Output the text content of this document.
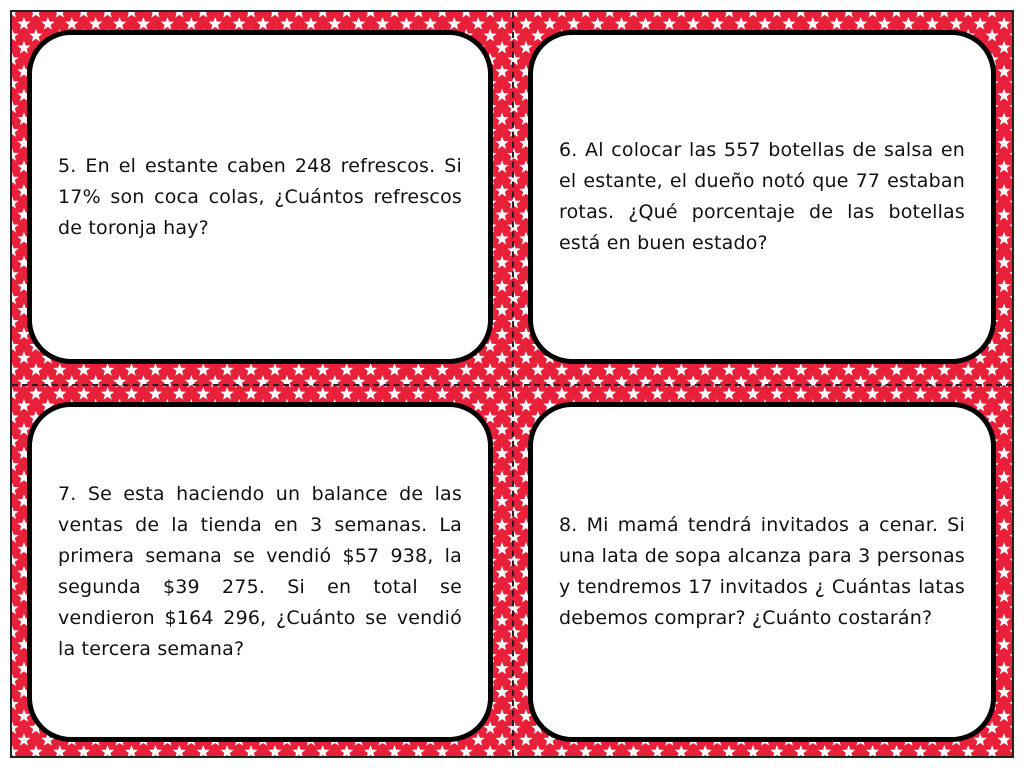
5. En el estante caben 248 refrescos. Si 17% son coca colas, ¿Cuántos refrescos de toronja hay?

6. Al colocar las 557 botellas de salsa en el estante, el dueño notó que 77 estaban rotas. ¿Qué porcentaje de las botellas está en buen estado?

7. Se esta haciendo un balance de las ventas de la tienda en 3 semanas. La primera semana se vendió $57 938, la segunda $39 275. Si en total se vendieron $164 296, ¿Cuánto se vendió la tercera semana?

8. Mi mamá tendrá invitados a cenar. Si una lata de sopa alcanza para 3 personas y tendremos 17 invitados ¿ Cuántas latas debemos comprar? ¿Cuánto costarán?
